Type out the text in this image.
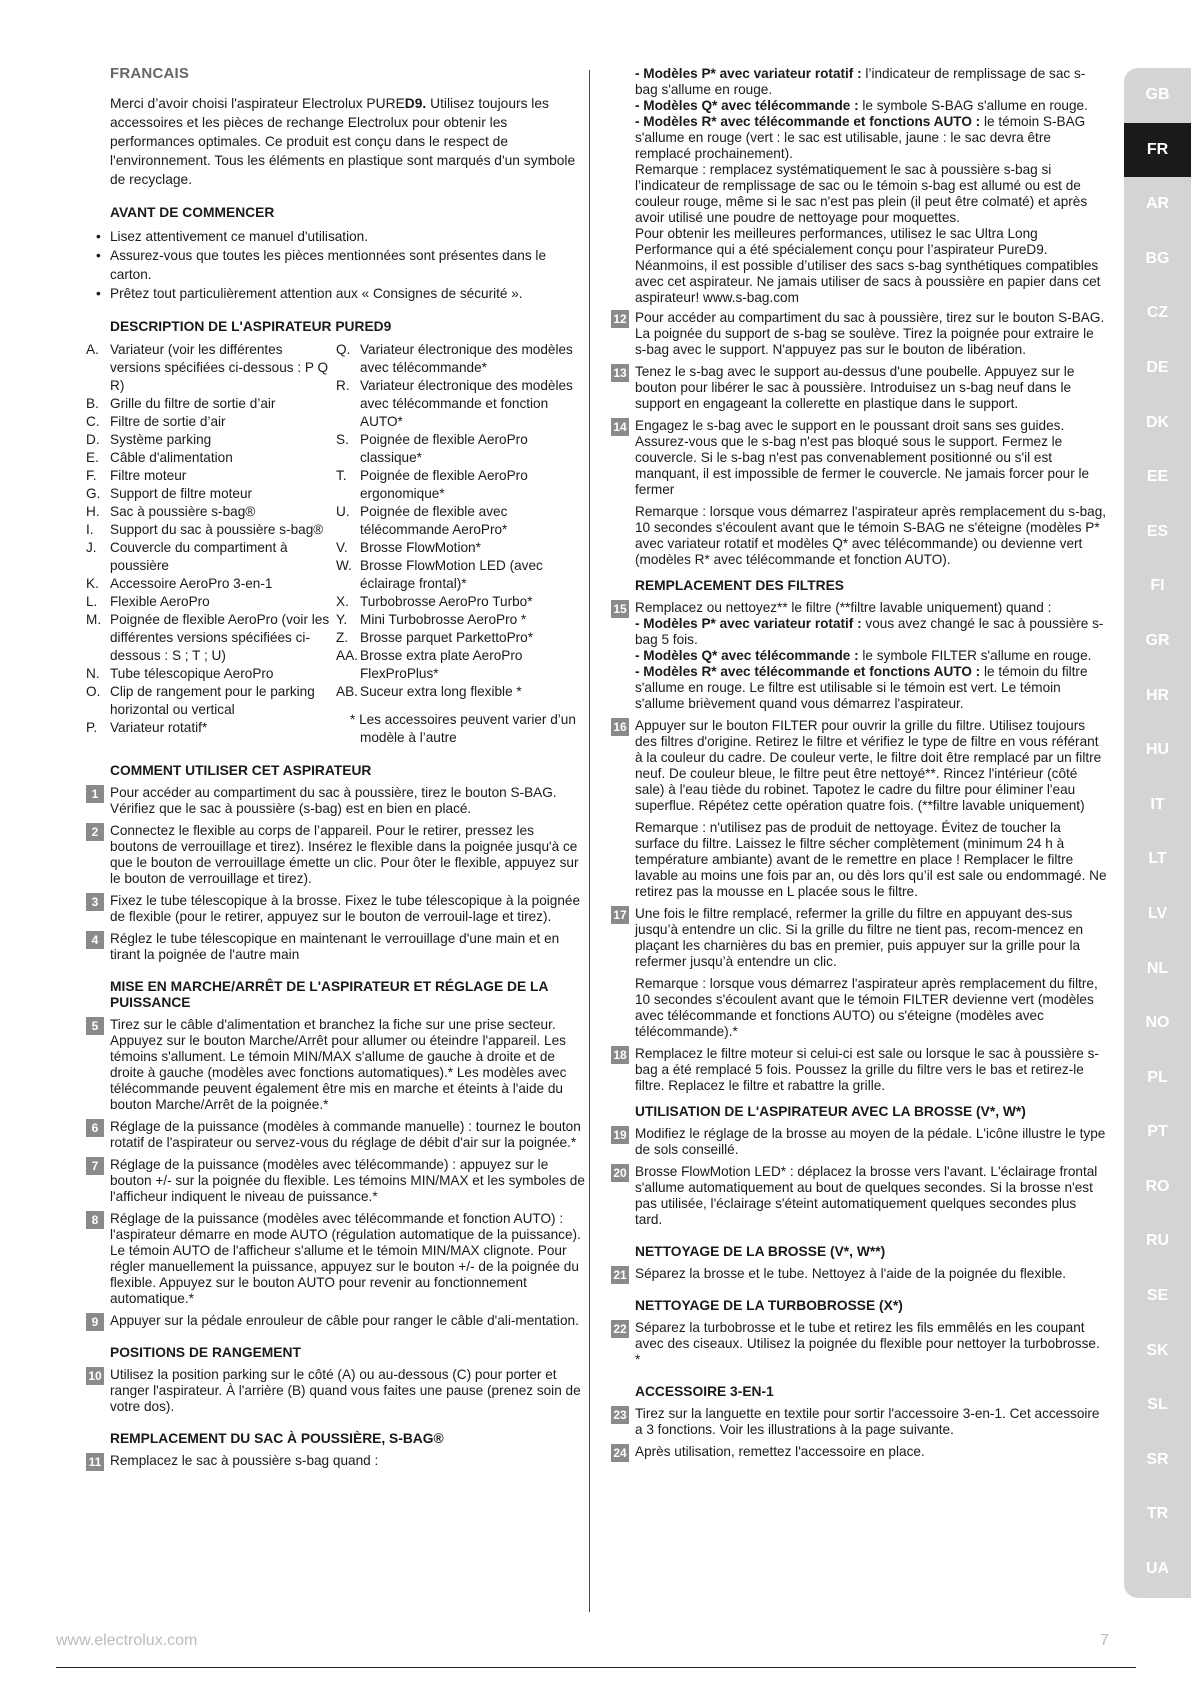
FRANCAIS

Merci d’avoir choisi l'aspirateur Electrolux PURED9. Utilisez toujours les accessoires et les pièces de rechange Electrolux pour obtenir les performances optimales. Ce produit est conçu dans le respect de l'environnement. Tous les éléments en plastique sont marqués d'un symbole de recyclage.

AVANT DE COMMENCER
• Lisez attentivement ce manuel d'utilisation.
• Assurez-vous que toutes les pièces mentionnées sont présentes dans le carton.
• Prêtez tout particulièrement attention aux « Consignes de sécurité ».
DESCRIPTION DE L'ASPIRATEUR PURED9
A. Variateur (voir les différentes versions spécifiées ci-dessous : P Q R)
B. Grille du filtre de sortie d’air
C. Filtre de sortie d’air
D. Système parking
E. Câble d'alimentation
F. Filtre moteur
G. Support de filtre moteur
H. Sac à poussière s-bag®
I.	Support du sac à poussière s-bag®
J. Couvercle du compartiment à poussière
K. Accessoire AeroPro 3-en-1
L. Flexible AeroPro
M. Poignée de flexible AeroPro (voir les différentes versions spécifiées ci-dessous : S ; T ; U)
N. Tube télescopique AeroPro
O. Clip de rangement pour le parking horizontal ou vertical
P. Variateur rotatif*
Q. Variateur électronique des modèles avec télécommande*
R. Variateur électronique des modèles avec télécommande et fonction AUTO*
S. Poignée de flexible AeroPro classique*
T. Poignée de flexible AeroPro ergonomique*
U. Poignée de flexible avec télécommande AeroPro*
V. Brosse FlowMotion*
W. Brosse FlowMotion LED (avec éclairage frontal)*
X. Turbobrosse AeroPro Turbo*
Y. Mini Turbobrosse AeroPro *
Z. Brosse parquet ParkettoPro*
AA. Brosse extra plate AeroPro FlexProPlus*
AB. Suceur extra long flexible *
* Les accessoires peuvent varier d’un modèle à l’autre
COMMENT UTILISER CET ASPIRATEUR
1 Pour accéder au compartiment du sac à poussière, tirez le bouton S-BAG. Vérifiez que le sac à poussière (s-bag) est en bien en placé.
2 Connectez le flexible au corps de l’appareil. Pour le retirer, pressez les boutons de verrouillage et tirez). Insérez le flexible dans la poignée jusqu'à ce que le bouton de verrouillage émette un clic. Pour ôter le flexible, appuyez sur le bouton de verrouillage et tirez).
3 Fixez le tube télescopique à la brosse. Fixez le tube télescopique à la poignée de flexible (pour le retirer, appuyez sur le bouton de verrouil-lage et tirez).
4 Réglez le tube télescopique en maintenant le verrouillage d'une main et en tirant la poignée de l'autre main
MISE EN MARCHE/ARRÊT DE L'ASPIRATEUR ET RÉGLAGE DE LA PUISSANCE
5 Tirez sur le câble d'alimentation et branchez la fiche sur une prise secteur. Appuyez sur le bouton Marche/Arrêt pour allumer ou éteindre l'appareil. Les témoins s'allument. Le témoin MIN/MAX s'allume de gauche à droite et de droite à gauche (modèles avec fonctions automatiques).* Les modèles avec télécommande peuvent également être mis en marche et éteints à l'aide du bouton Marche/Arrêt de la poignée.*
6 Réglage de la puissance (modèles à commande manuelle) : tournez le bouton rotatif de l'aspirateur ou servez-vous du réglage de débit d'air sur la poignée.*
7 Réglage de la puissance (modèles avec télécommande) : appuyez sur le bouton +/- sur la poignée du flexible. Les témoins MIN/MAX et les symboles de l'afficheur indiquent le niveau de puissance.*
8 Réglage de la puissance (modèles avec télécommande et fonction AUTO) : l'aspirateur démarre en mode AUTO (régulation automatique de la puissance). Le témoin AUTO de l'afficheur s'allume et le témoin MIN/MAX clignote. Pour régler manuellement la puissance, appuyez sur le bouton +/- de la poignée du flexible. Appuyez sur le bouton AUTO pour revenir au fonctionnement automatique.*
9 Appuyer sur la pédale enrouleur de câble pour ranger le câble d'ali-mentation.
POSITIONS DE RANGEMENT
10 Utilisez la position parking sur le côté (A) ou au-dessous (C) pour porter et ranger l'aspirateur. À l'arrière (B) quand vous faites une pause (prenez soin de votre dos).
REMPLACEMENT DU SAC À POUSSIÈRE, S-BAG®
11 Remplacez le sac à poussière s-bag quand :
- Modèles P* avec variateur rotatif : l’indicateur de remplissage de sac s-bag s'allume en rouge.
- Modèles Q* avec télécommande : le symbole S-BAG s'allume en rouge.
- Modèles R* avec télécommande et fonctions AUTO : le témoin S-BAG s'allume en rouge (vert : le sac est utilisable, jaune : le sac devra être remplacé prochainement).
Remarque : remplacez systématiquement le sac à poussière s-bag si l’indicateur de remplissage de sac ou le témoin s-bag est allumé ou est de couleur rouge, même si le sac n'est pas plein (il peut être colmaté) et après avoir utilisé une poudre de nettoyage pour moquettes.
Pour obtenir les meilleures performances, utilisez le sac Ultra Long Performance qui a été spécialement conçu pour l’aspirateur PureD9. Néanmoins, il est possible d’utiliser des sacs s-bag synthétiques compatibles avec cet aspirateur. Ne jamais utiliser de sacs à poussière en papier dans cet aspirateur! www.s-bag.com
12 Pour accéder au compartiment du sac à poussière, tirez sur le bouton S-BAG. La poignée du support de s-bag se soulève. Tirez la poignée pour extraire le s-bag avec le support. N'appuyez pas sur le bouton de libération.
13 Tenez le s-bag avec le support au-dessus d'une poubelle. Appuyez sur le bouton pour libérer le sac à poussière. Introduisez un s-bag neuf dans le support en engageant la collerette en plastique dans le support.
14 Engagez le s-bag avec le support en le poussant droit sans ses guides. Assurez-vous que le s-bag n'est pas bloqué sous le support. Fermez le couvercle. Si le s-bag n'est pas convenablement positionné ou s'il est manquant, il est impossible de fermer le couvercle. Ne jamais forcer pour le fermer
Remarque : lorsque vous démarrez l'aspirateur après remplacement du s-bag, 10 secondes s'écoulent avant que le témoin S-BAG ne s'éteigne (modèles P* avec variateur rotatif et modèles Q* avec télécommande) ou devienne vert (modèles R* avec télécommande et fonction AUTO).
REMPLACEMENT DES FILTRES
15 Remplacez ou nettoyez** le filtre (**filtre lavable uniquement) quand :
- Modèles P* avec variateur rotatif : vous avez changé le sac à poussière s-bag 5 fois.
- Modèles Q* avec télécommande : le symbole FILTER s'allume en rouge.
- Modèles R* avec télécommande et fonctions AUTO : le témoin du filtre s'allume en rouge. Le filtre est utilisable si le témoin est vert. Le témoin s'allume brièvement quand vous démarrez l'aspirateur.
16 Appuyer sur le bouton FILTER pour ouvrir la grille du filtre. Utilisez toujours des filtres d'origine. Retirez le filtre et vérifiez le type de filtre en vous référant à la couleur du cadre. De couleur verte, le filtre doit être remplacé par un filtre neuf. De couleur bleue, le filtre peut être nettoyé**. Rincez l'intérieur (côté sale) à l'eau tiède du robinet. Tapotez le cadre du filtre pour éliminer l'eau superflue. Répétez cette opération quatre fois. (**filtre lavable uniquement)
Remarque : n'utilisez pas de produit de nettoyage. Évitez de toucher la surface du filtre. Laissez le filtre sécher complètement (minimum 24 h à température ambiante) avant de le remettre en place ! Remplacer le filtre lavable au moins une fois par an, ou dès lors qu’il est sale ou endommagé. Ne retirez pas la mousse en L placée sous le filtre.
17 Une fois le filtre remplacé, refermer la grille du filtre en appuyant des-sus jusqu’à entendre un clic. Si la grille du filtre ne tient pas, recom-mencez en plaçant les charnières du bas en premier, puis appuyer sur la grille pour la refermer jusqu’à entendre un clic.
Remarque : lorsque vous démarrez l'aspirateur après remplacement du filtre, 10 secondes s'écoulent avant que le témoin FILTER devienne vert (modèles avec télécommande et fonctions AUTO) ou s'éteigne (modèles avec télécommande).*
18 Remplacez le filtre moteur si celui-ci est sale ou lorsque le sac à poussière s-bag a été remplacé 5 fois. Poussez la grille du filtre vers le bas et retirez-le filtre. Replacez le filtre et rabattre la grille.
UTILISATION DE L'ASPIRATEUR AVEC LA BROSSE (V*, W*)
19 Modifiez le réglage de la brosse au moyen de la pédale. L'icône illustre le type de sols conseillé.
20 Brosse FlowMotion LED* : déplacez la brosse vers l'avant. L'éclairage frontal s'allume automatiquement au bout de quelques secondes. Si la brosse n'est pas utilisée, l'éclairage s'éteint automatiquement quelques secondes plus tard.
NETTOYAGE DE LA BROSSE (V*, W**)
21 Séparez la brosse et le tube. Nettoyez à l'aide de la poignée du flexible.
NETTOYAGE DE LA TURBOBROSSE (X*)
22 Séparez la turbobrosse et le tube et retirez les fils emmêlés en les coupant avec des ciseaux. Utilisez la poignée du flexible pour nettoyer la turbobrosse. *
ACCESSOIRE 3-EN-1
23 Tirez sur la languette en textile pour sortir l'accessoire 3-en-1. Cet accessoire a 3 fonctions. Voir les illustrations à la page suivante.
24 Après utilisation, remettez l'accessoire en place.
GB
FR
AR
BG
CZ
DE
DK
EE
ES
FI
GR
HR
HU
IT
LT
LV
NL
NO
PL
PT
RO
RU
SE
SK
SL
SR
TR
UA
www.electrolux.com	7
